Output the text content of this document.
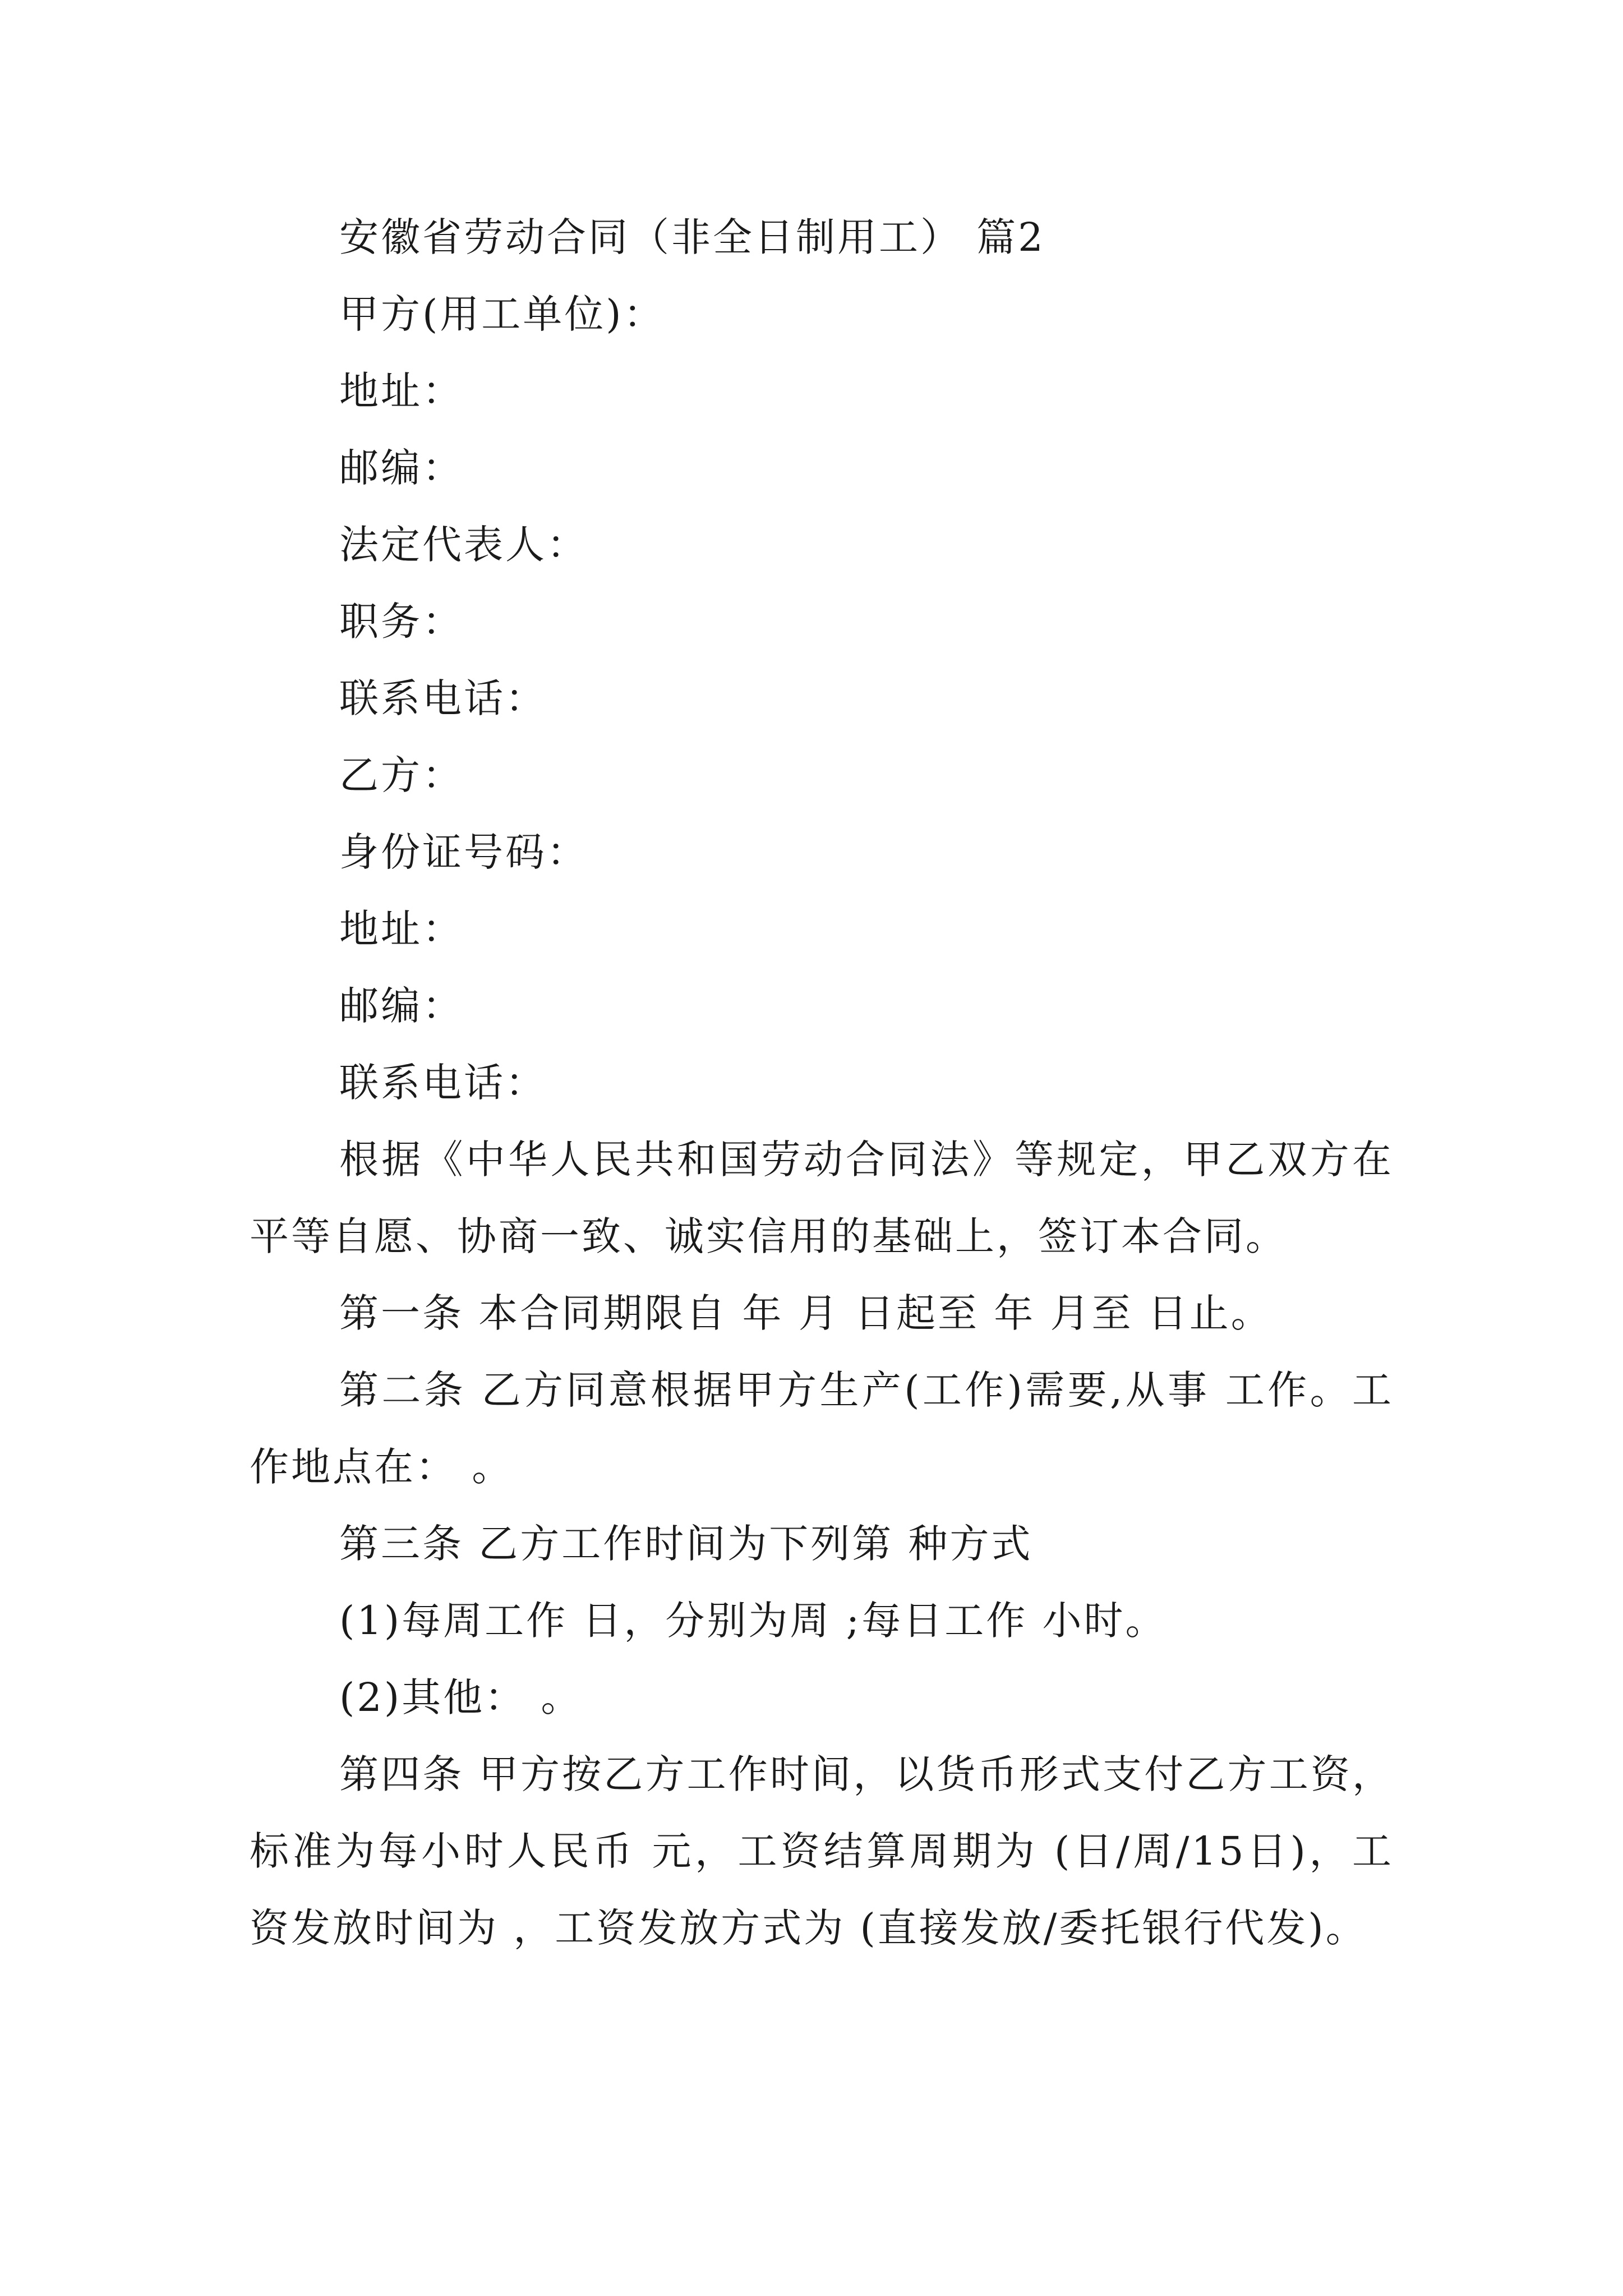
安徽省劳动合同（非全日制用工） 篇2
甲方(用工单位)：
地址：
邮编：
法定代表人：
职务：
联系电话：
乙方：
身份证号码：
地址：
邮编：
联系电话：
根据《中华人民共和国劳动合同法》等规定，甲乙双方在平等自愿、协商一致、诚实信用的基础上，签订本合同。
第一条 本合同期限自 年 月 日起至 年 月至 日止。
第二条 乙方同意根据甲方生产(工作)需要,从事 工作。工作地点在： 。
第三条 乙方工作时间为下列第 种方式
(1)每周工作 日，分别为周 ;每日工作 小时。
(2)其他： 。
第四条 甲方按乙方工作时间，以货币形式支付乙方工资，标准为每小时人民币 元，工资结算周期为 (日/周/15日)，工资发放时间为 ，工资发放方式为 (直接发放/委托银行代发)。
